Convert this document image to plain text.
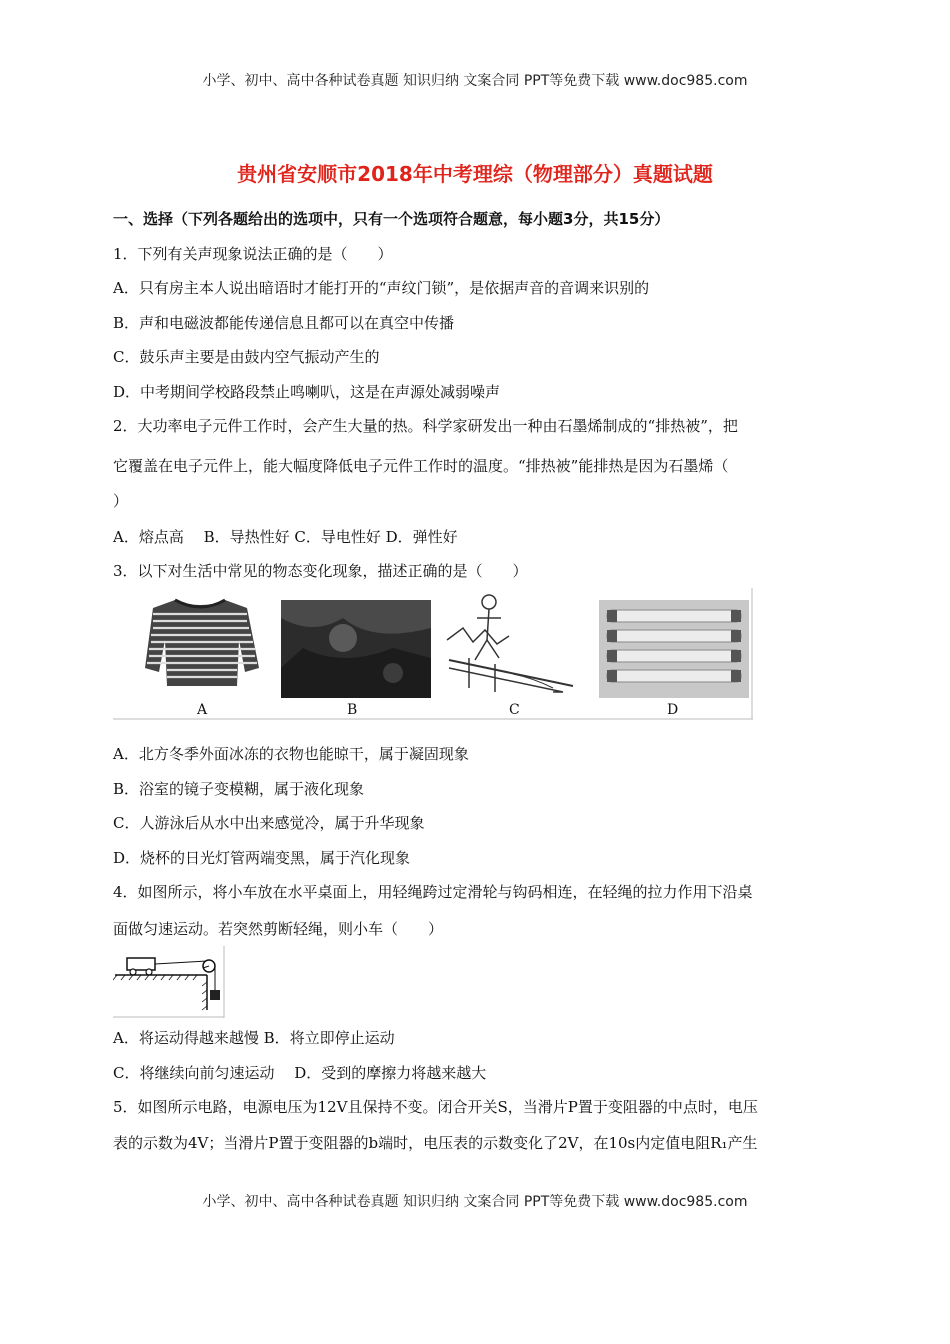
小学、初中、高中各种试卷真题 知识归纳 文案合同 PPT等免费下载 www.doc985.com
贵州省安顺市2018年中考理综（物理部分）真题试题
一、选择（下列各题给出的选项中，只有一个选项符合题意，每小题3分，共15分）
1．下列有关声现象说法正确的是（　　）
A．只有房主本人说出暗语时才能打开的“声纹门锁”，是依据声音的音调来识别的
B．声和电磁波都能传递信息且都可以在真空中传播
C．鼓乐声主要是由鼓内空气振动产生的
D．中考期间学校路段禁止鸣喇叭，这是在声源处减弱噪声
2．大功率电子元件工作时，会产生大量的热。科学家研发出一种由石墨烯制成的“排热被”，把
它覆盖在电子元件上，能大幅度降低电子元件工作时的温度。“排热被”能排热是因为石墨烯（
）
A．熔点高　 B．导热性好 C．导电性好 D．弹性好
3．以下对生活中常见的物态变化现象，描述正确的是（　　）
A	B	C	D
A．北方冬季外面冰冻的衣物也能晾干，属于凝固现象
B．浴室的镜子变模糊，属于液化现象
C．人游泳后从水中出来感觉冷，属于升华现象
D．烧杯的日光灯管两端变黑，属于汽化现象
4．如图所示，将小车放在水平桌面上，用轻绳跨过定滑轮与钩码相连，在轻绳的拉力作用下沿桌
面做匀速运动。若突然剪断轻绳，则小车（　　）
A．将运动得越来越慢 B．将立即停止运动
C．将继续向前匀速运动　 D．受到的摩擦力将越来越大
5．如图所示电路，电源电压为12V且保持不变。闭合开关S，当滑片P置于变阻器的中点时，电压
表的示数为4V；当滑片P置于变阻器的b端时，电压表的示数变化了2V，在10s内定值电阻R₁产生
小学、初中、高中各种试卷真题 知识归纳 文案合同 PPT等免费下载 www.doc985.com
